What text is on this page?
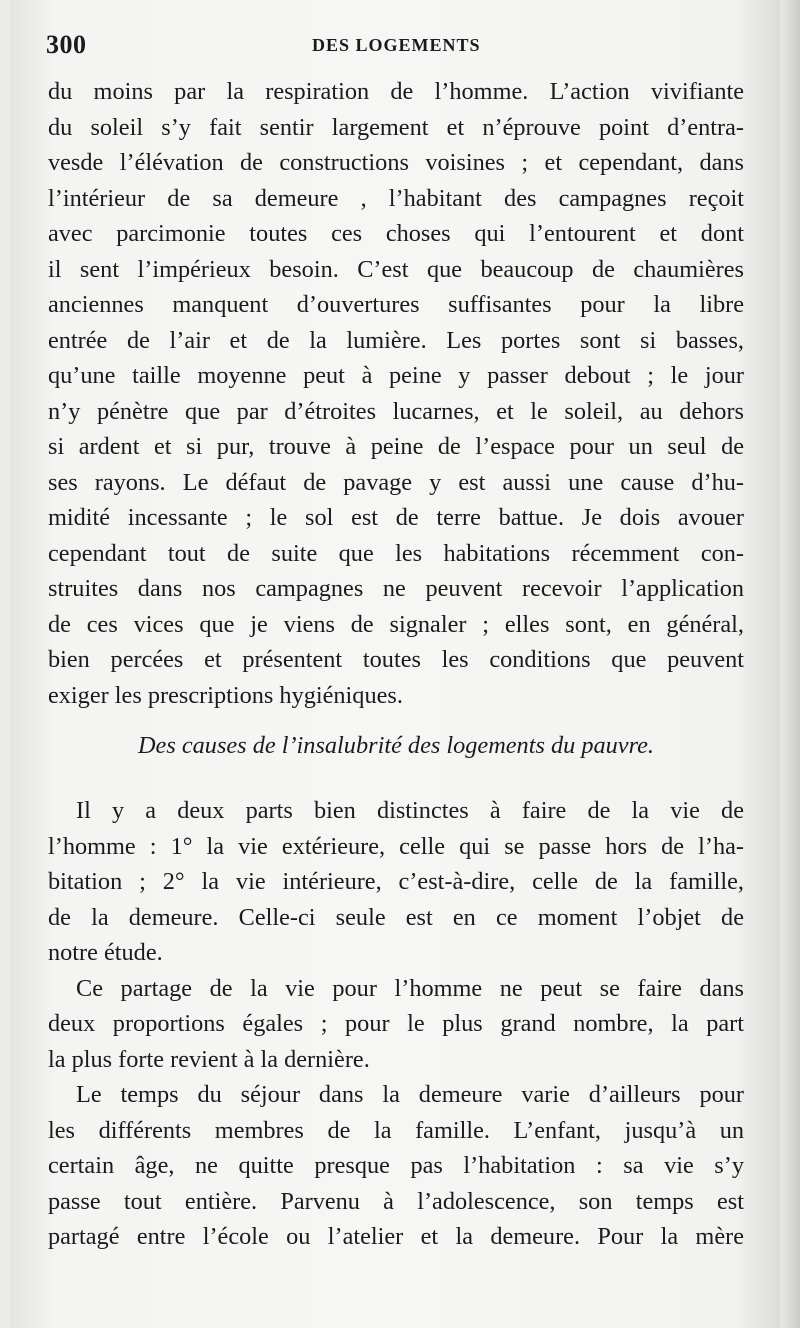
300	DES LOGEMENTS
du moins par la respiration de l’homme. L’action vivifiante
du soleil s’y fait sentir largement et n’éprouve point d’entra-
vesde l’élévation de constructions voisines ; et cependant, dans
l’intérieur de sa demeure , l’habitant des campagnes reçoit
avec parcimonie toutes ces choses qui l’entourent et dont
il sent l’impérieux besoin. C’est que beaucoup de chaumières
anciennes manquent d’ouvertures suffisantes pour la libre
entrée de l’air et de la lumière. Les portes sont si basses,
qu’une taille moyenne peut à peine y passer debout ; le jour
n’y pénètre que par d’étroites lucarnes, et le soleil, au dehors
si ardent et si pur, trouve à peine de l’espace pour un seul de
ses rayons. Le défaut de pavage y est aussi une cause d’hu-
midité incessante ; le sol est de terre battue. Je dois avouer
cependant tout de suite que les habitations récemment con-
struites dans nos campagnes ne peuvent recevoir l’application
de ces vices que je viens de signaler ; elles sont, en général,
bien percées et présentent toutes les conditions que peuvent
exiger les prescriptions hygiéniques.
Des causes de l’insalubrité des logements du pauvre.
Il y a deux parts bien distinctes à faire de la vie de
l’homme : 1° la vie extérieure, celle qui se passe hors de l’ha-
bitation ; 2° la vie intérieure, c’est-à-dire, celle de la famille,
de la demeure. Celle-ci seule est en ce moment l’objet de
notre étude.
Ce partage de la vie pour l’homme ne peut se faire dans
deux proportions égales ; pour le plus grand nombre, la part
la plus forte revient à la dernière.
Le temps du séjour dans la demeure varie d’ailleurs pour
les différents membres de la famille. L’enfant, jusqu’à un
certain âge, ne quitte presque pas l’habitation : sa vie s’y
passe tout entière. Parvenu à l’adolescence, son temps est
partagé entre l’école ou l’atelier et la demeure. Pour la mère
